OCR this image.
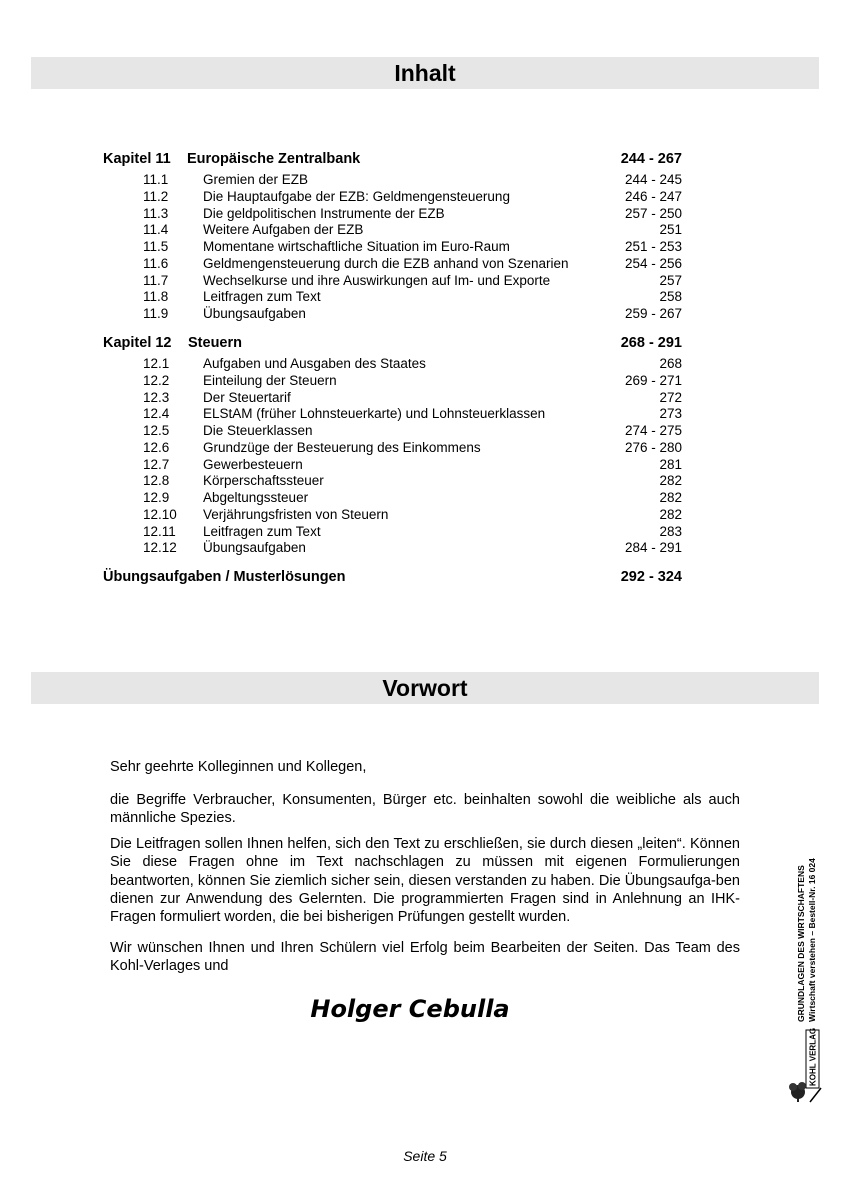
Inhalt
Kapitel 11 Europäische Zentralbank	244 - 267
11.1	Gremien der EZB	244 - 245
11.2	Die Hauptaufgabe der EZB: Geldmengensteuerung	246 - 247
11.3	Die geldpolitischen Instrumente der EZB	257 - 250
11.4	Weitere Aufgaben der EZB	251
11.5	Momentane wirtschaftliche Situation im Euro-Raum	251 - 253
11.6	Geldmengensteuerung durch die EZB anhand von Szenarien	254 - 256
11.7	Wechselkurse und ihre Auswirkungen auf Im- und Exporte	257
11.8	Leitfragen zum Text	258
11.9	Übungsaufgaben	259 - 267
Kapitel 12 Steuern	268 - 291
12.1 Aufgaben und Ausgaben des Staates	268
12.2 Einteilung der Steuern	269 - 271
12.3 Der Steuertarif	272
12.4 ELStAM (früher Lohnsteuerkarte) und Lohnsteuerklassen	273
12.5 Die Steuerklassen	274 - 275
12.6 Grundzüge der Besteuerung des Einkommens	276 - 280
12.7 Gewerbesteuern	281
12.8 Körperschaftssteuer	282
12.9 Abgeltungssteuer	282
12.10 Verjährungsfristen von Steuern	282
12.11 Leitfragen zum Text	283
12.12 Übungsaufgaben	284 - 291
Übungsaufgaben / Musterlösungen	292 - 324
Vorwort
Sehr geehrte Kolleginnen und Kollegen,
die Begriffe Verbraucher, Konsumenten, Bürger etc. beinhalten sowohl die weibliche als auch männliche Spezies.
Die Leitfragen sollen Ihnen helfen, sich den Text zu erschließen, sie durch diesen „leiten“. Können Sie diese Fragen ohne im Text nachschlagen zu müssen mit eigenen Formulierungen beantworten, können Sie ziemlich sicher sein, diesen verstanden zu haben. Die Übungsaufga-ben dienen zur Anwendung des Gelernten. Die programmierten Fragen sind in Anlehnung an IHK-Fragen formuliert worden, die bei bisherigen Prüfungen gestellt wurden.
Wir wünschen Ihnen und Ihren Schülern viel Erfolg beim Bearbeiten der Seiten. Das Team des Kohl-Verlages und
Holger Cebulla	GRUNDLAGEN DES WIRTSCHAFTENS Wirtschaft verstehen – Bestell-Nr. 16 024
KOHL VERLAG
Seite 5
